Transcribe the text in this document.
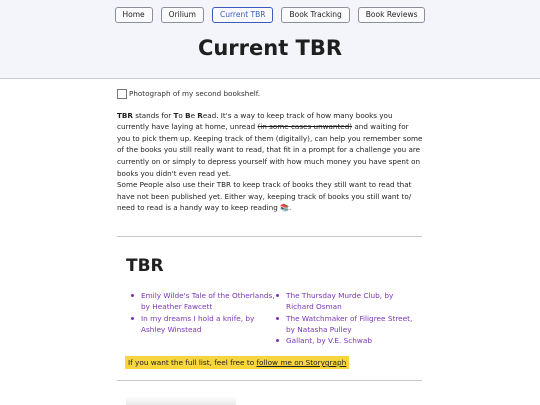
Home	Orilium	Current TBR	Book Tracking	Book Reviews
Current TBR
Photograph of my second bookshelf.

TBR stands for To Be Read. It's a way to keep track of how many books you currently have laying at home, unread (in some cases unwanted) and waiting for you to pick them up. Keeping track of them (digitally), can help you remember some of the books you still really want to read, that fit in a prompt for a challenge you are currently on or simply to depress yourself with how much money you have spent on books you didn't even read yet.

Some People also use their TBR to keep track of books they still want to read that have not been published yet. Either way, keeping track of books you still want to/ need to read is a handy way to keep reading 📚.

TBR
Emily Wilde's Tale of the Otherlands, by Heather Fawcett
In my dreams I hold a knife, by Ashley Winstead
The Thursday Murde Club, by Richard Osman
The Watchmaker of Filigree Street, by Natasha Pulley
Gallant, by V.E. Schwab
If you want the full list, feel free to follow me on Storygraph
